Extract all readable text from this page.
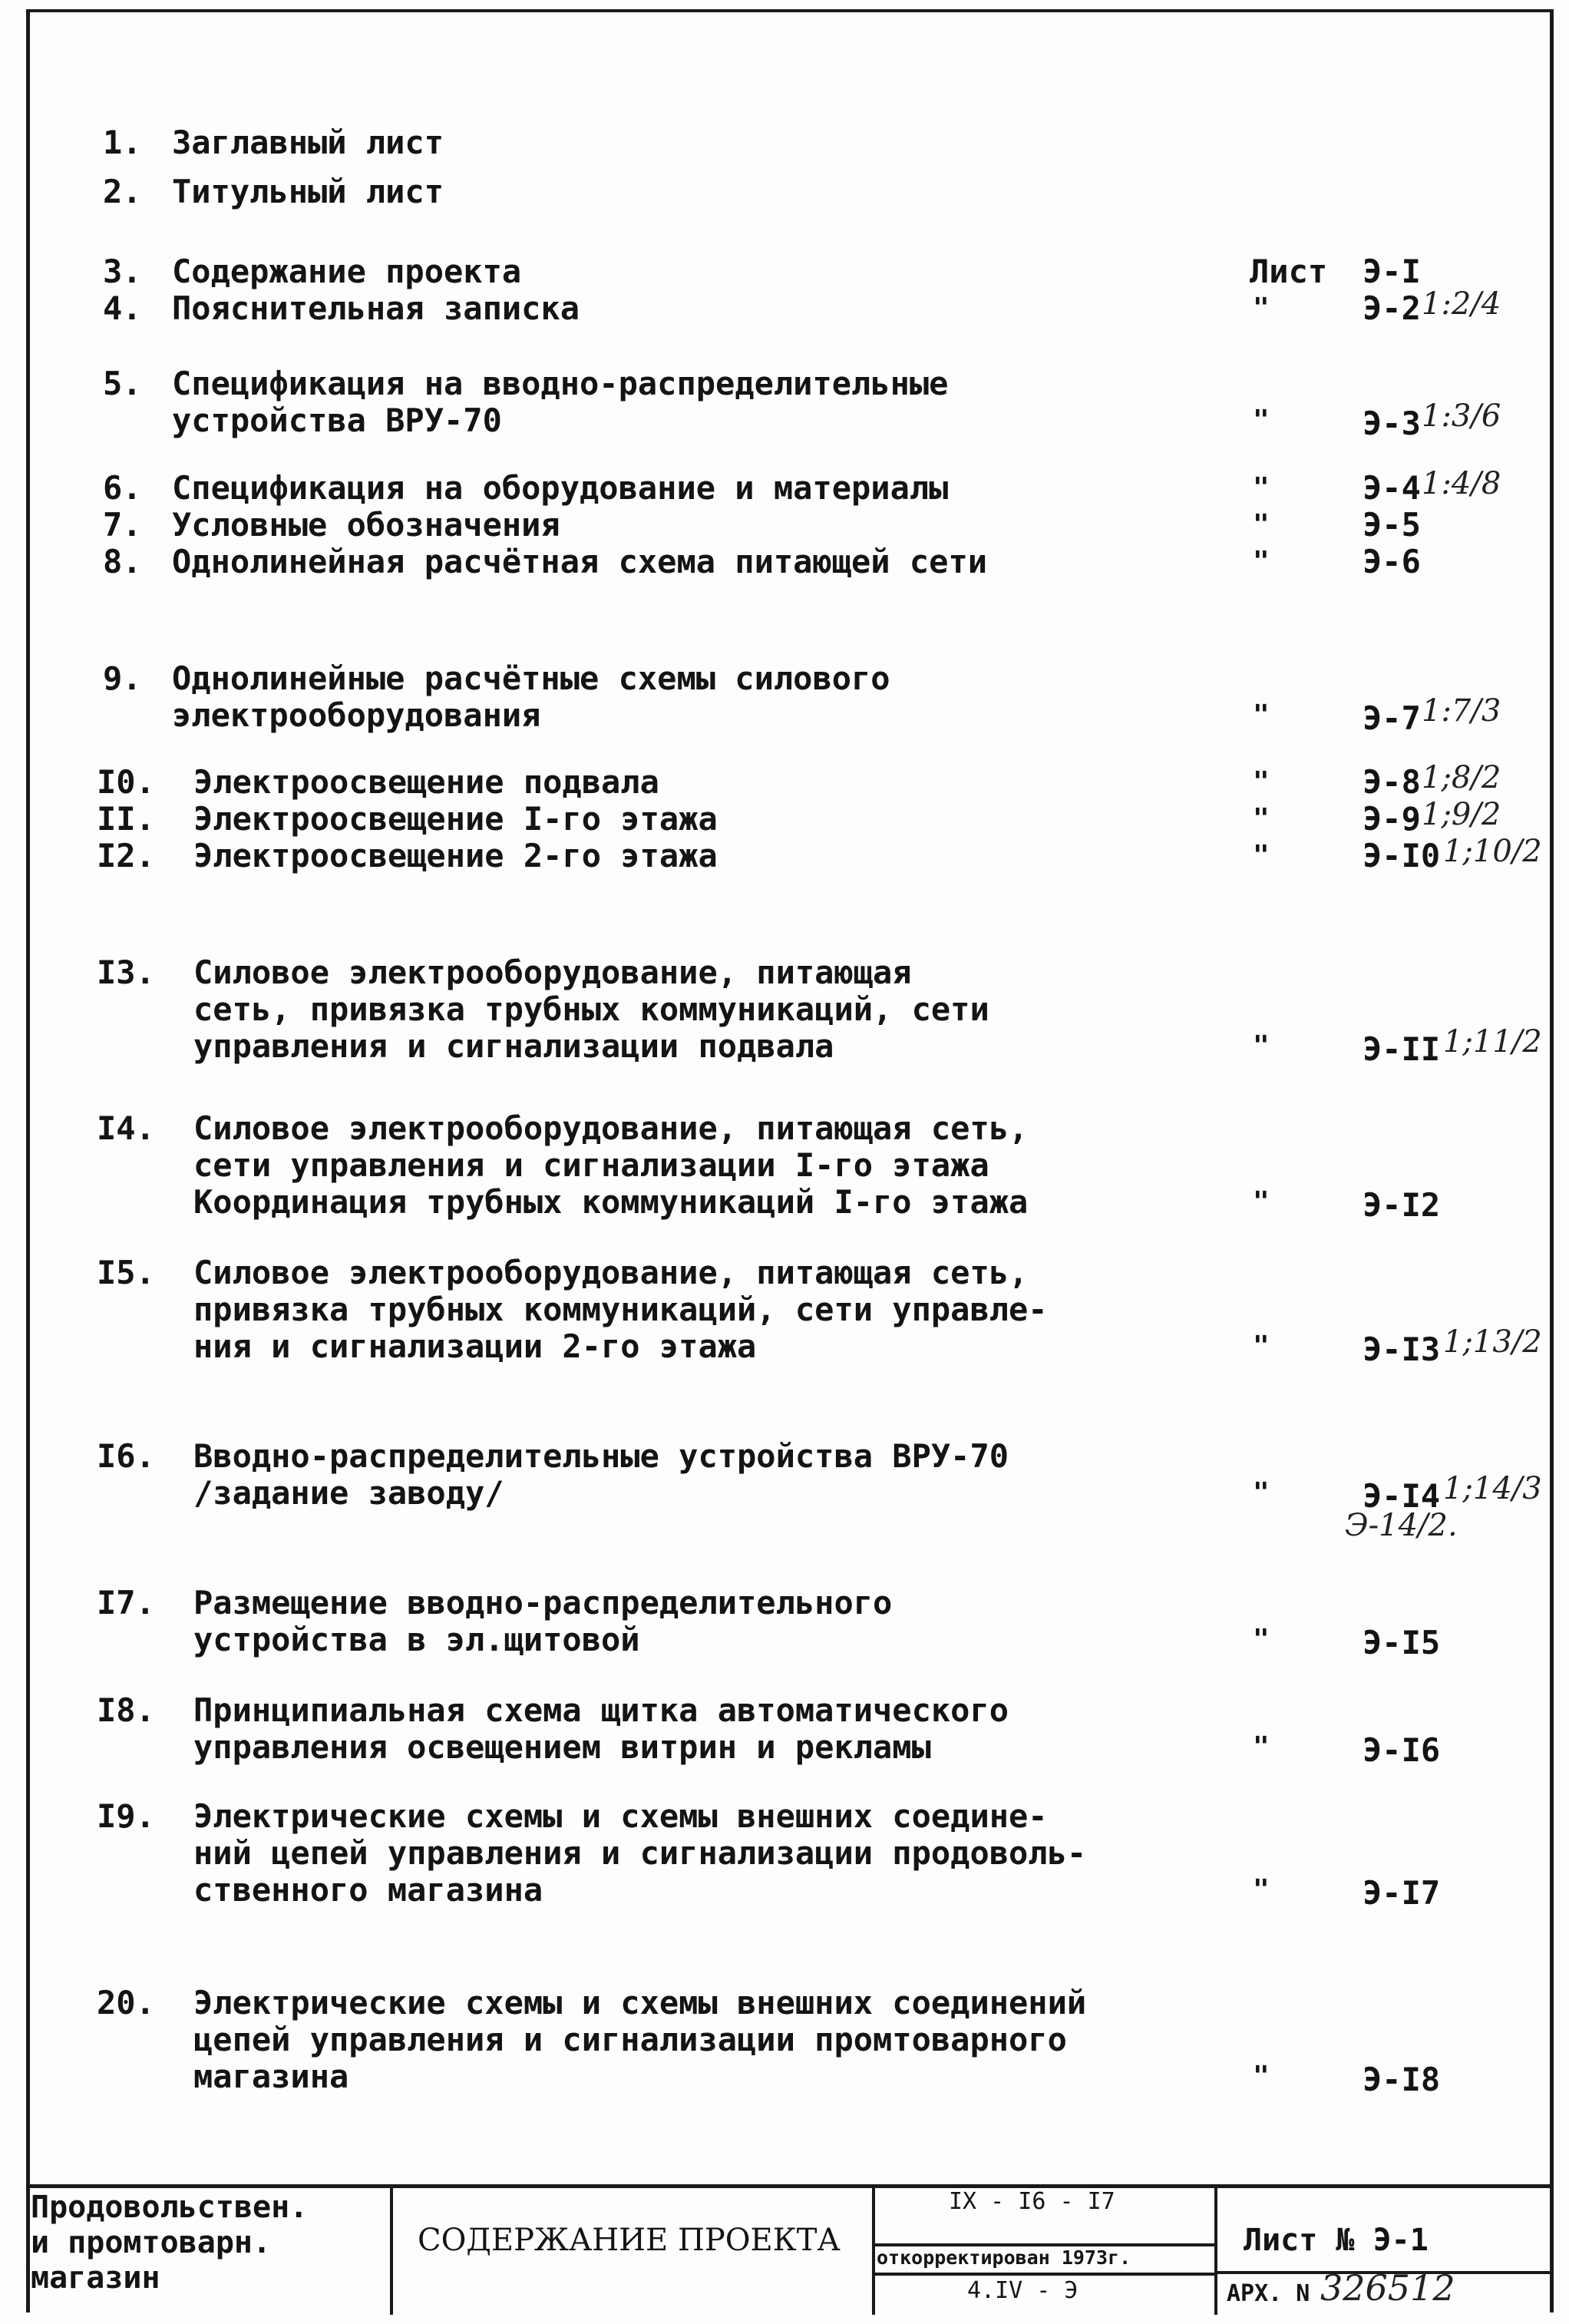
1. Заглавный лист
2. Титульный лист
3. Содержание проекта	Лист Э-I
4. Пояснительная записка	"	Э-2 1:2/4
5. Спецификация на вводно-распределительные
устройства ВРУ-70	"	Э-3 1:3/6
6. Спецификация на оборудование и материалы	"	Э-4 1:4/8
7. Условные обозначения	"	Э-5
8. Однолинейная расчётная схема питающей сети	"	Э-6
9. Однолинейные расчётные схемы силового
электрооборудования	"	Э-7 1:7/3
I0. Электроосвещение подвала	"	Э-8 1;8/2
II. Электроосвещение I-го этажа	"	Э-9 1;9/2
I2. Электроосвещение 2-го этажа	"	Э-I0 1;10/2
I3. Силовое электрооборудование, питающая
сеть, привязка трубных коммуникаций, сети
управления и сигнализации подвала	"	Э-II 1;11/2
I4. Силовое электрооборудование, питающая сеть,
сети управления и сигнализации I-го этажа
Координация трубных коммуникаций I-го этажа	"	Э-I2
I5. Силовое электрооборудование, питающая сеть,
привязка трубных коммуникаций, сети управле-
ния и сигнализации 2-го этажа	"	Э-I3 1;13/2
I6. Вводно-распределительные устройства ВРУ-70
/задание заводу/	"	Э-I4 1;14/3
Э-14/2.
I7. Размещение вводно-распределительного
устройства в эл.щитовой	"	Э-I5
I8. Принципиальная схема щитка автоматического
управления освещением витрин и рекламы	"	Э-I6
I9. Электрические схемы и схемы внешних соедине-
ний цепей управления и сигнализации продоволь-
ственного магазина	"	Э-I7
20. Электрические схемы и схемы внешних соединений
цепей управления и сигнализации промтоварного
магазина	"	Э-I8
Продовольствен.
и промтоварн.
магазин
СОДЕРЖАНИЕ ПРОЕКТА
IX - I6 - I7
откорректирован 1973г.
4.IV - Э
Лист № Э-1
АРХ. N 326512
